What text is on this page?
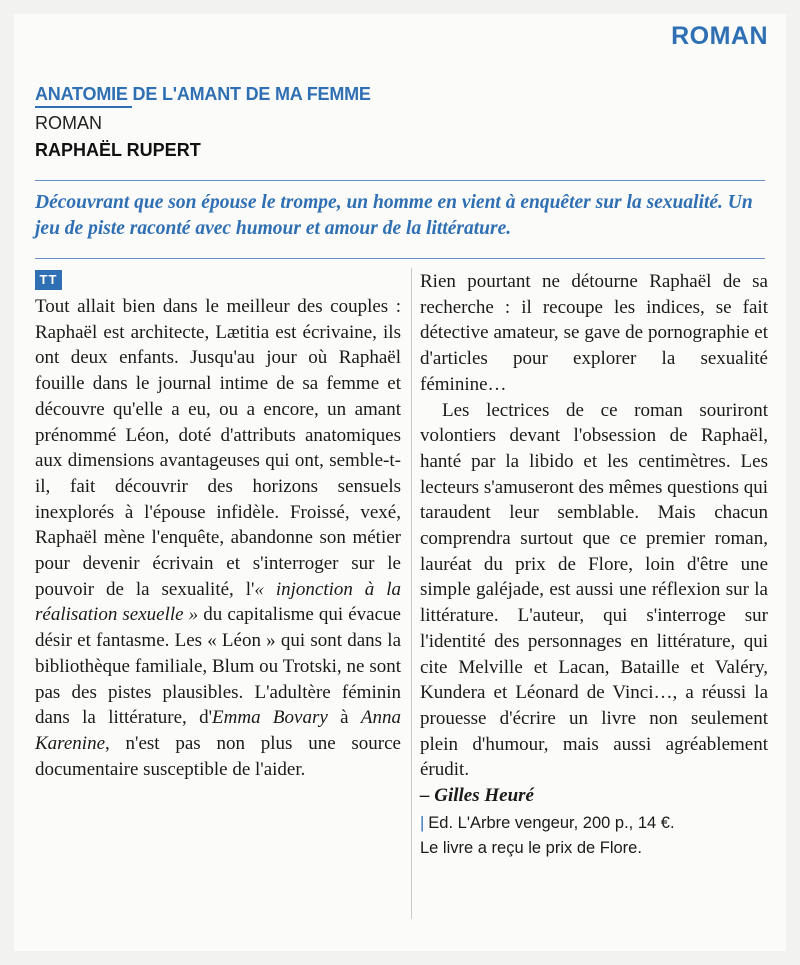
ROMAN
ANATOMIE DE L'AMANT DE MA FEMME
ROMAN
RAPHAËL RUPERT
Découvrant que son épouse le trompe, un homme en vient à enquêter sur la sexualité. Un jeu de piste raconté avec humour et amour de la littérature.
TT

Tout allait bien dans le meilleur des couples : Raphaël est architecte, Lætitia est écrivaine, ils ont deux enfants. Jusqu'au jour où Raphaël fouille dans le journal intime de sa femme et découvre qu'elle a eu, ou a encore, un amant prénommé Léon, doté d'attributs anatomiques aux dimensions avantageuses qui ont, semble-t-il, fait découvrir des horizons sensuels inexplorés à l'épouse infidèle. Froissé, vexé, Raphaël mène l'enquête, abandonne son métier pour devenir écrivain et s'interroger sur le pouvoir de la sexualité, l'« injonction à la réalisation sexuelle » du capitalisme qui évacue désir et fantasme. Les « Léon » qui sont dans la bibliothèque familiale, Blum ou Trotski, ne sont pas des pistes plausibles. L'adultère féminin dans la littérature, d'Emma Bovary à Anna Karenine, n'est pas non plus une source documentaire susceptible de l'aider.

Rien pourtant ne détourne Raphaël de sa recherche : il recoupe les indices, se fait détective amateur, se gave de pornographie et d'articles pour explorer la sexualité féminine…

Les lectrices de ce roman souriront volontiers devant l'obsession de Raphaël, hanté par la libido et les centimètres. Les lecteurs s'amuseront des mêmes questions qui taraudent leur semblable. Mais chacun comprendra surtout que ce premier roman, lauréat du prix de Flore, loin d'être une simple galéjade, est aussi une réflexion sur la littérature. L'auteur, qui s'interroge sur l'identité des personnages en littérature, qui cite Melville et Lacan, Bataille et Valéry, Kundera et Léonard de Vinci…, a réussi la prouesse d'écrire un livre non seulement plein d'humour, mais aussi agréablement érudit.

– Gilles Heuré

| Ed. L'Arbre vengeur, 200 p., 14 €.
Le livre a reçu le prix de Flore.
